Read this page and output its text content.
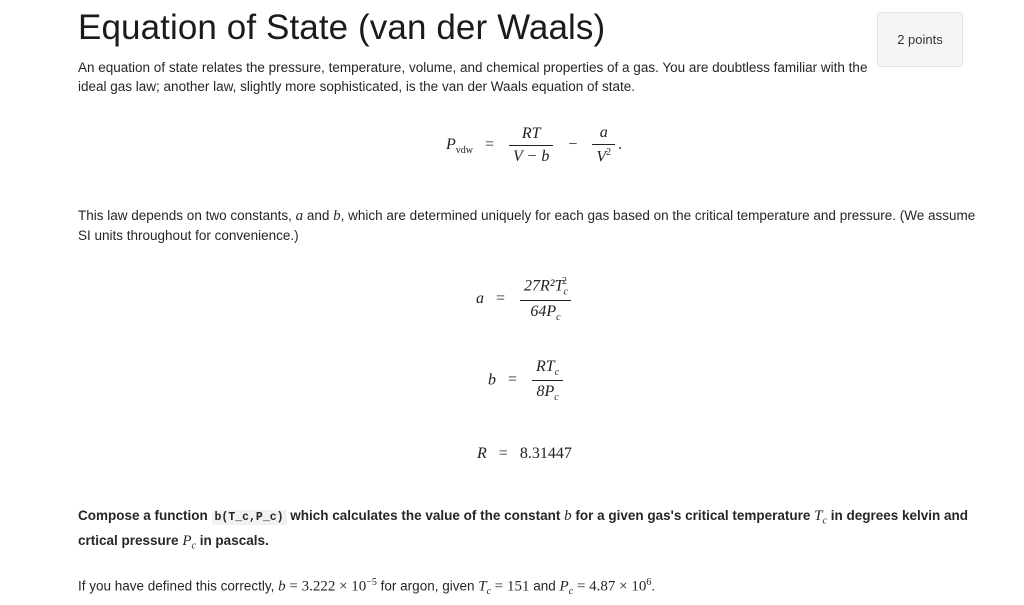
Equation of State (van der Waals)	2 points

An equation of state relates the pressure, temperature, volume, and chemical properties of a gas. You are doubtless familiar with the ideal gas law; another law, slightly more sophisticated, is the van der Waals equation of state.

$P_{vdw} = \frac{RT}{V - b} - \frac{a}{V^2}$ .

This law depends on two constants, a and b, which are determined uniquely for each gas based on the critical temperature and pressure. (We assume SI units throughout for convenience.)

$a = \frac{27R^2T_c^2}{64P_c}$
$b = \frac{RT_c}{8P_c}$
R = 8.31447

Compose a function b(T_c,P_c) which calculates the value of the constant b for a given gas's critical temperature $T_c$ in degrees kelvin and crtical pressure $P_c$ in pascals.

If you have defined this correctly, $b = 3.222 \times 10^{-5}$ for argon, given $T_c = 151$ and $P_c = 4.87 \times 10^6$.
